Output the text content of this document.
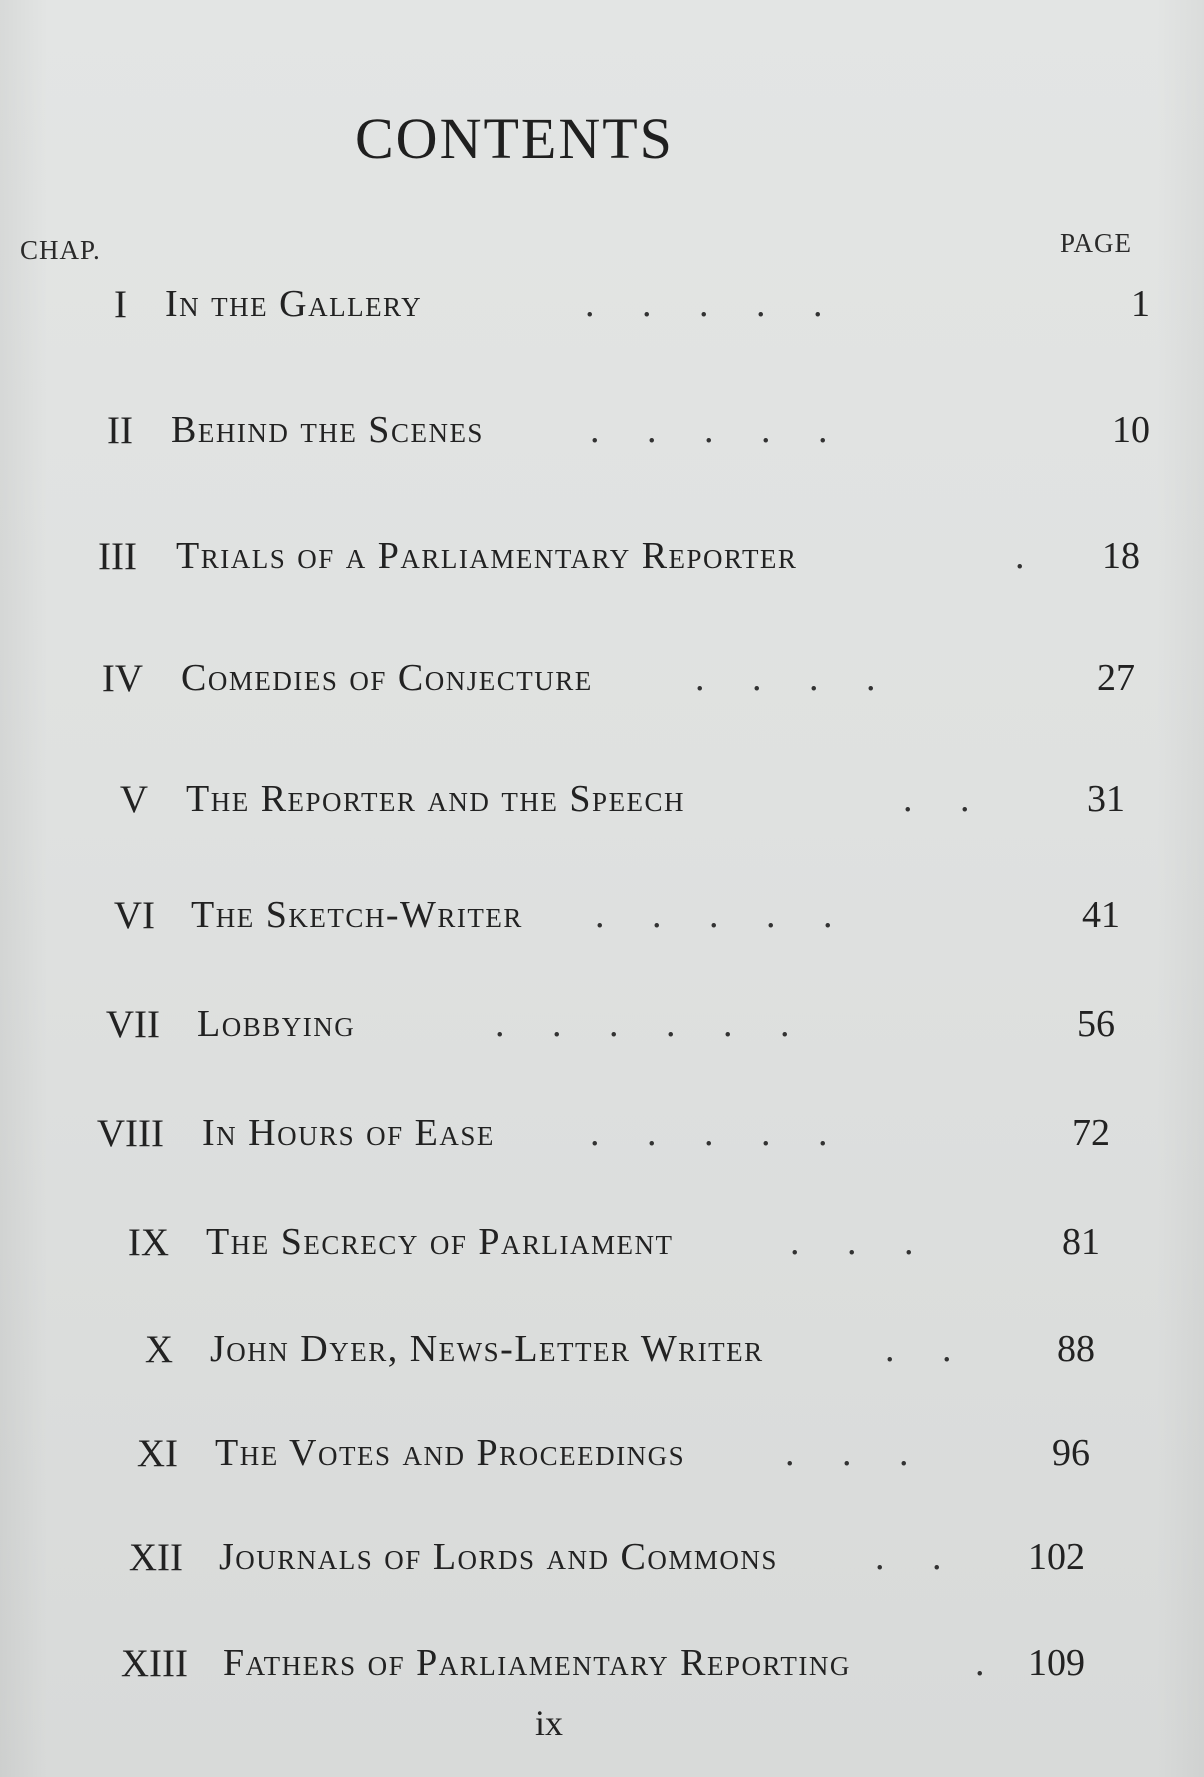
CONTENTS
CHAP.	PAGE
I In the Gallery	.     .     .     .     .	1
II Behind the Scenes	.     .     .     .     .	10
III Trials of a Parliamentary Reporter	.	18
IV Comedies of Conjecture	.     .     .     .	27
V The Reporter and the Speech	.     .	31
VI The Sketch-Writer .     .     .     .     .	41
VII Lobbying	.     .     .     .     .     .	56
VIII In Hours of Ease	.     .     .     .     .	72
IX The Secrecy of Parliament	.     .     .	81
X John Dyer, News-Letter Writer	.     .	88
XI The Votes and Proceedings	.     .     .	96
XII Journals of Lords and Commons	.     .	102
XIII Fathers of Parliamentary Reporting	.	109
ix
